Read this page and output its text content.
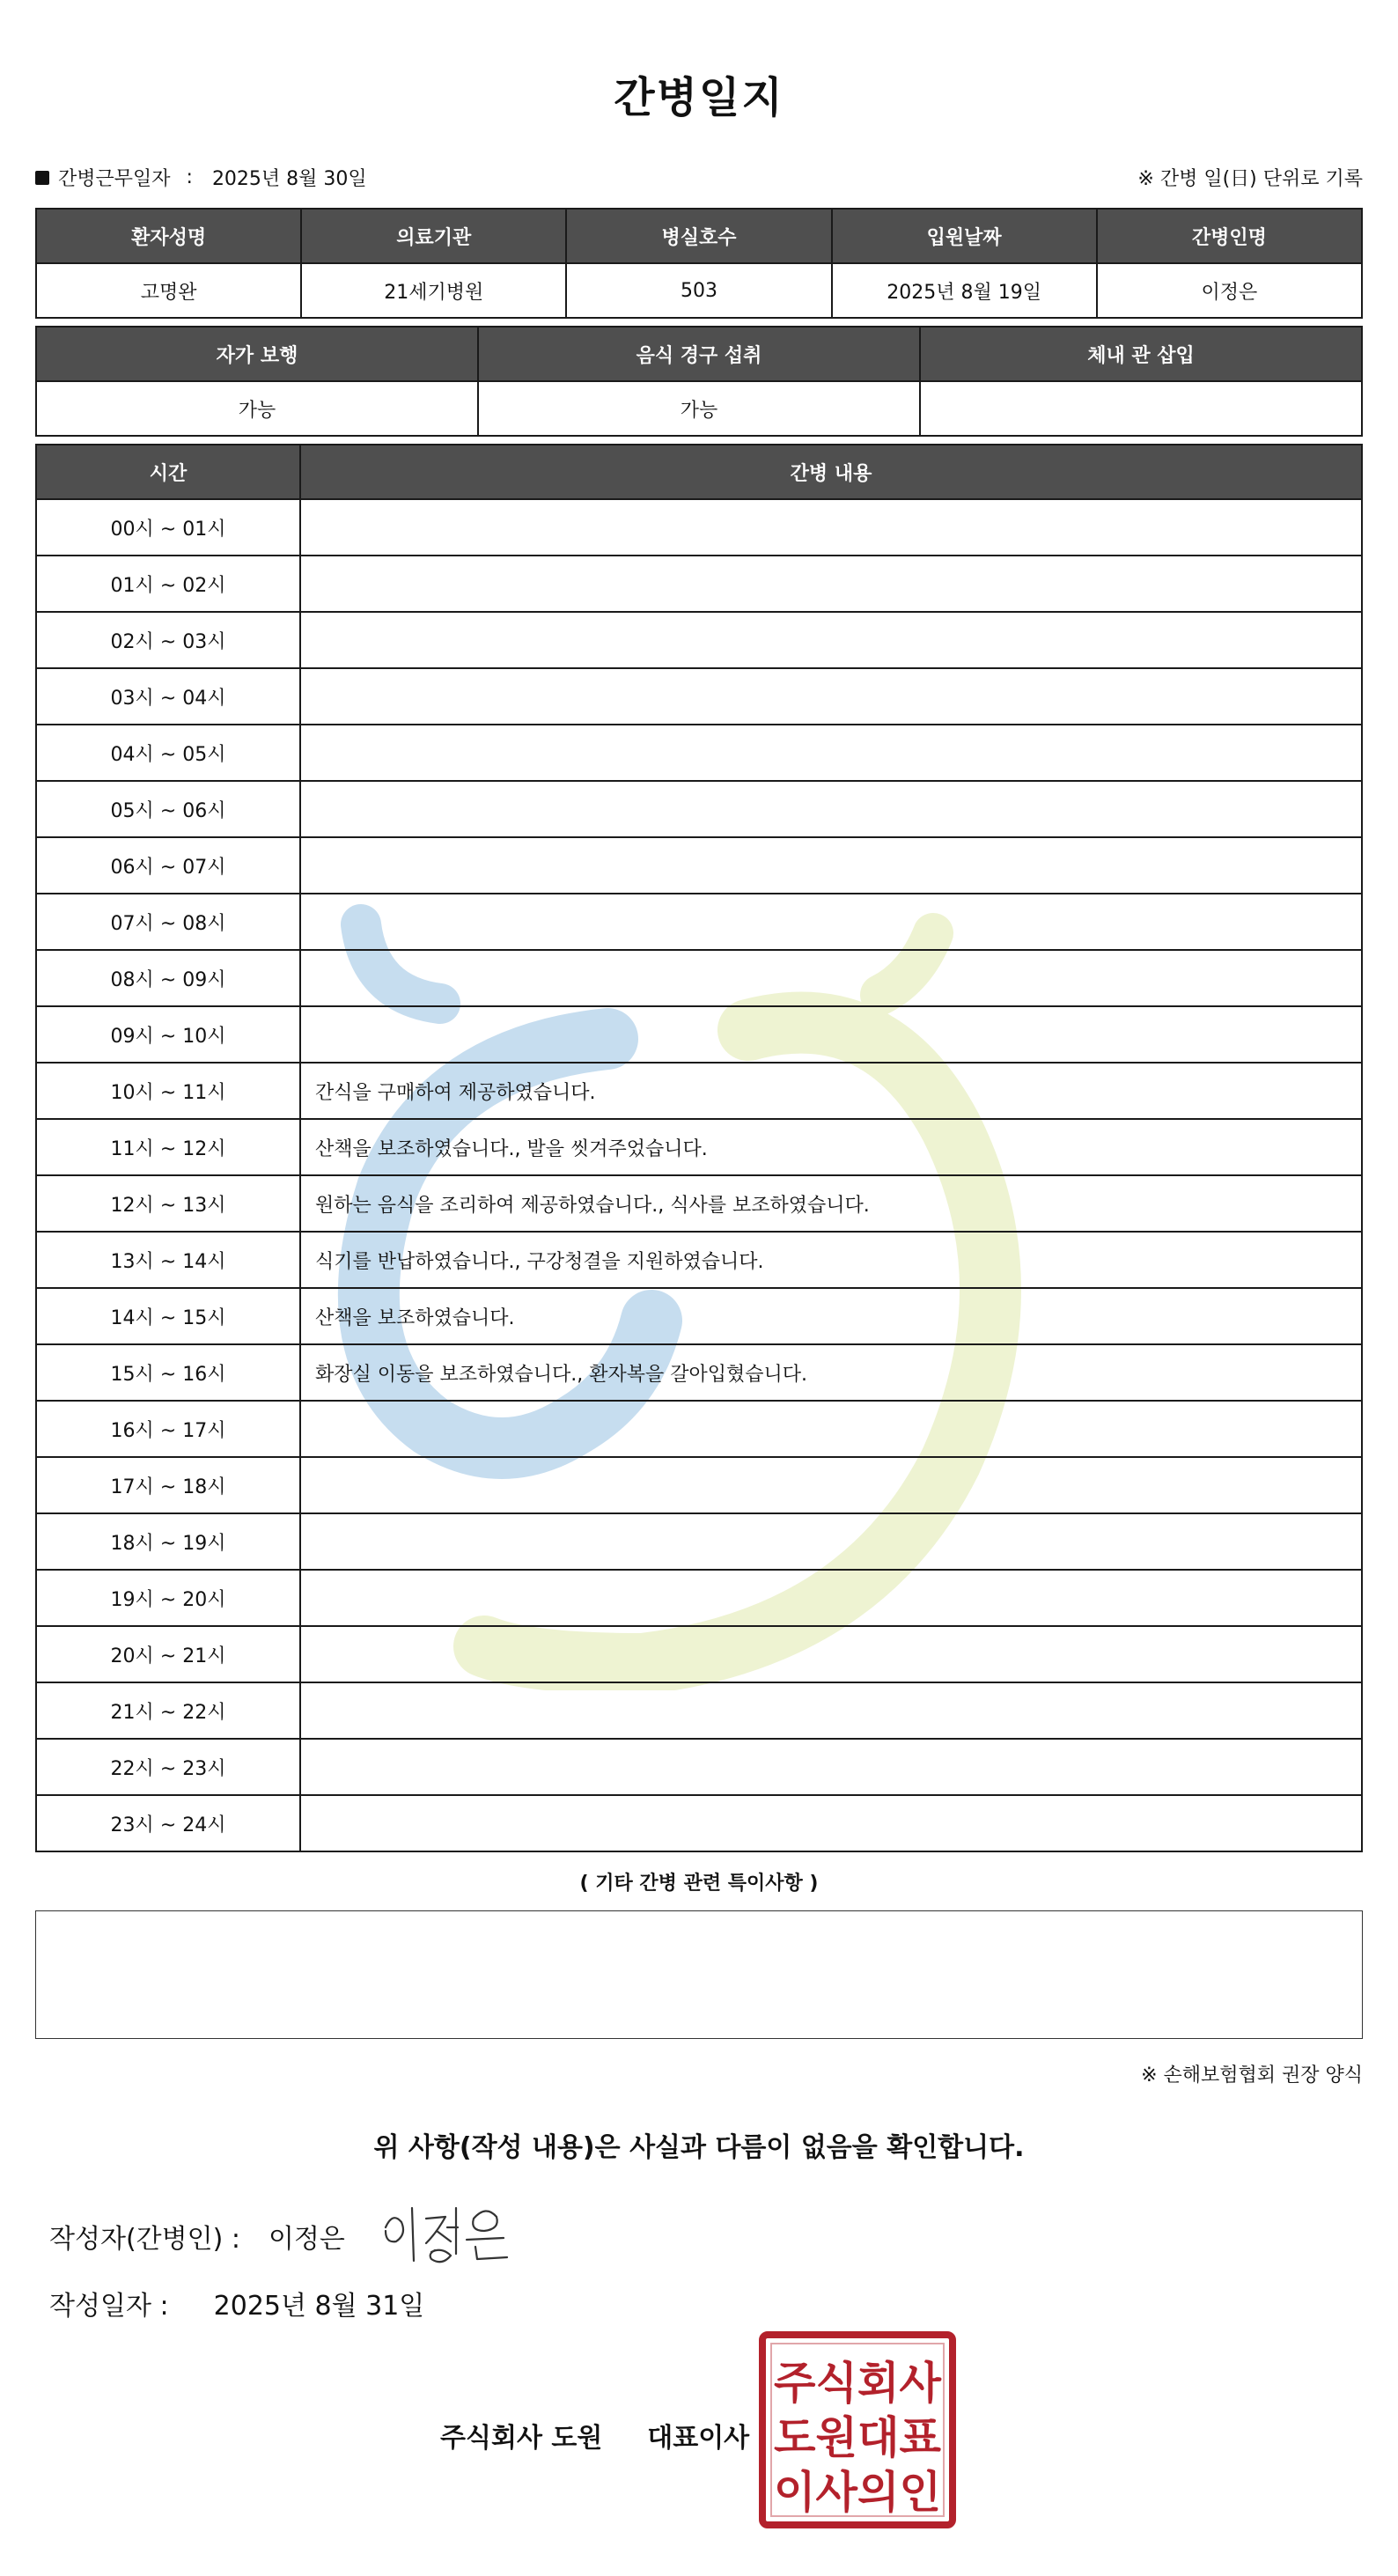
간병일지
간병근무일자 : 2025년 8월 30일	※ 간병 일(日) 단위로 기록
환자성명	의료기관	병실호수	입원날짜	간병인명
고명완	21세기병원	503	2025년 8월 19일	이정은
자가 보행	음식 경구 섭취	체내 관 삽입
가능	가능	
시간	간병 내용
00시 ~ 01시	
01시 ~ 02시	
02시 ~ 03시	
03시 ~ 04시	
04시 ~ 05시	
05시 ~ 06시	
06시 ~ 07시	
07시 ~ 08시	
08시 ~ 09시	
09시 ~ 10시	
10시 ~ 11시	간식을 구매하여 제공하였습니다.
11시 ~ 12시	산책을 보조하였습니다., 발을 씻겨주었습니다.
12시 ~ 13시	원하는 음식을 조리하여 제공하였습니다., 식사를 보조하였습니다.
13시 ~ 14시	식기를 반납하였습니다., 구강청결을 지원하였습니다.
14시 ~ 15시	산책을 보조하였습니다.
15시 ~ 16시	화장실 이동을 보조하였습니다., 환자복을 갈아입혔습니다.
16시 ~ 17시	
17시 ~ 18시	
18시 ~ 19시	
19시 ~ 20시	
20시 ~ 21시	
21시 ~ 22시	
22시 ~ 23시	
23시 ~ 24시	
( 기타 간병 관련 특이사항 )
※ 손해보험협회 권장 양식
위 사항(작성 내용)은 사실과 다름이 없음을 확인합니다.
작성자(간병인) : 이정은
작성일자 : 2025년 8월 31일
주식회사 도원 대표이사
주식회사
도원대표
이사의인
